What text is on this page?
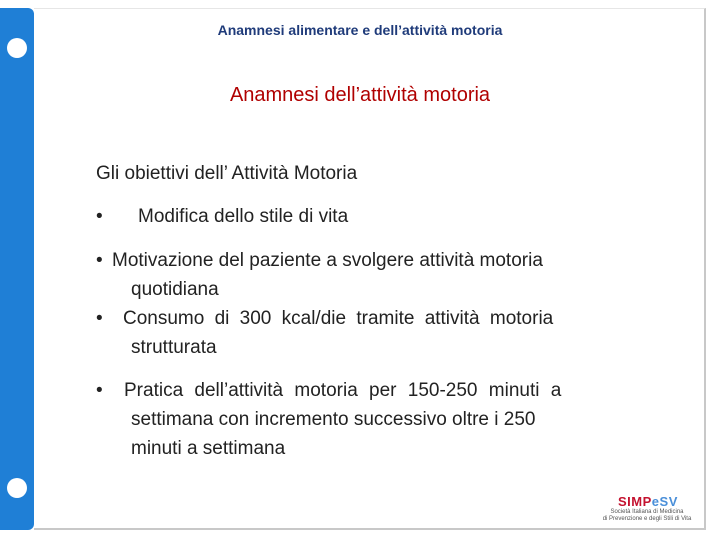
Anamnesi alimentare e dell’attività motoria
Anamnesi dell’attività motoria
Gli obiettivi dell’ Attività Motoria
• Modifica dello stile di vita
• Motivazione del paziente a svolgere attività motoria
quotidiana
• Consumo di 300 kcal/die tramite attività motoria
strutturata
• Pratica dell’attività motoria per 150-250 minuti a
settimana con incremento successivo oltre i 250
minuti a settimana
SIMPeSV
Società Italiana di Medicina
di Prevenzione e degli Stili di Vita
